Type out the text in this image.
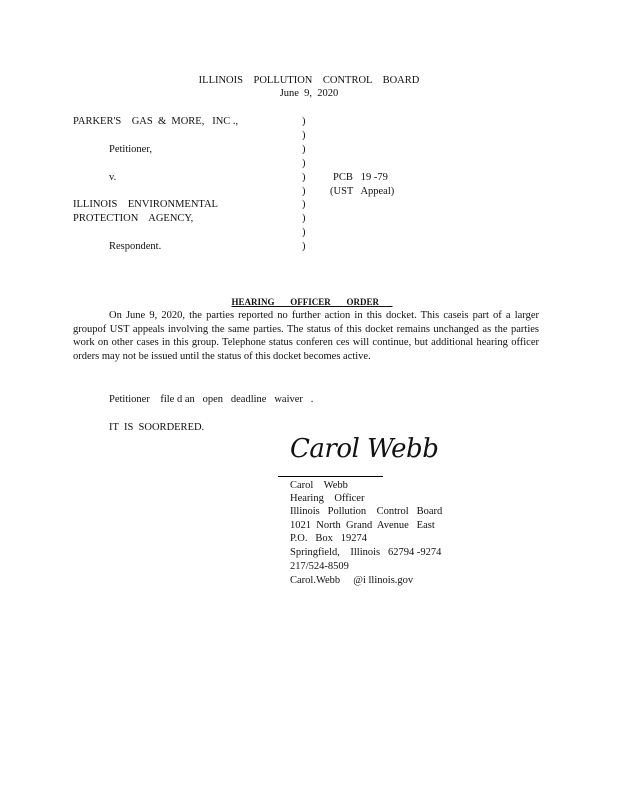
ILLINOIS    POLLUTION    CONTROL    BOARD
June  9,  2020
PARKER'S    GAS  &  MORE,   INC .,
Petitioner,
v.
ILLINOIS    ENVIRONMENTAL
PROTECTION    AGENCY,
Respondent.
)
)
)
)
)
)
)
)
)
)
PCB   19 -79
(UST   Appeal)

HEARING       OFFICER       ORDER

On June 9, 2020, the parties reported no further action in this docket. This caseis part of a larger groupof UST appeals involving the same parties. The status of this docket remains unchanged as the parties work on other cases in this group. Telephone status conferen ces will continue, but additional hearing officer orders may not be issued until the status of this docket becomes active.
Petitioner    file d an   open   deadline   waiver   .
IT  IS  SOORDERED.
Carol Webb
Carol    Webb
Hearing    Officer
Illinois   Pollution    Control   Board
1021  North  Grand  Avenue   East
P.O.   Box   19274
Springfield,    Illinois   62794 -9274
217/524-8509
Carol.Webb     @i llinois.gov
